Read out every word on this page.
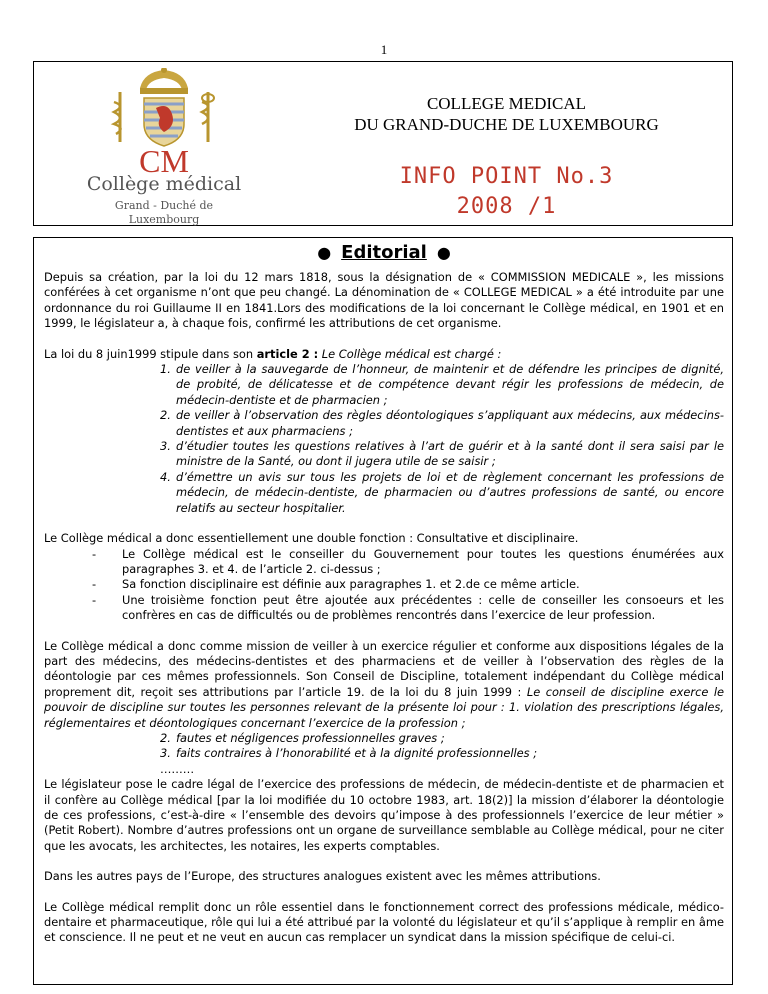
1
CM
Collège médical
Grand - Duché de
Luxembourg
COLLEGE MEDICAL
DU GRAND-DUCHE DE LUXEMBOURG
INFO POINT No.3
2008 /1
● Editorial ●

Depuis sa création, par la loi du 12 mars 1818, sous la désignation de « COMMISSION MEDICALE », les missions conférées à cet organisme n’ont que peu changé. La dénomination de « COLLEGE MEDICAL » a été introduite par une ordonnance du roi Guillaume II en 1841.Lors des modifications de la loi concernant le Collège médical, en 1901 et en 1999, le législateur a, à chaque fois, confirmé les attributions de cet organisme.

La loi du 8 juin1999 stipule dans son article 2 : Le Collège médical est chargé :

1. de veiller à la sauvegarde de l’honneur, de maintenir et de défendre les principes de dignité, de probité, de délicatesse et de compétence devant régir les professions de médecin, de médecin-dentiste et de pharmacien ;
2. de veiller à l’observation des règles déontologiques s’appliquant aux médecins, aux médecins-dentistes et aux pharmaciens ;
3. d’étudier toutes les questions relatives à l’art de guérir et à la santé dont il sera saisi par le ministre de la Santé, ou dont il jugera utile de se saisir ;
4. d’émettre un avis sur tous les projets de loi et de règlement concernant les professions de médecin, de médecin-dentiste, de pharmacien ou d’autres professions de santé, ou encore relatifs au secteur hospitalier.

Le Collège médical a donc essentiellement une double fonction : Consultative et disciplinaire.

- Le Collège médical est le conseiller du Gouvernement pour toutes les questions énumérées aux paragraphes 3. et 4. de l’article 2. ci-dessus ;
- Sa fonction disciplinaire est définie aux paragraphes 1. et 2.de ce même article.
- Une troisième fonction peut être ajoutée aux précédentes : celle de conseiller les consoeurs et les confrères en cas de difficultés ou de problèmes rencontrés dans l’exercice de leur profession.

Le Collège médical a donc comme mission de veiller à un exercice régulier et conforme aux dispositions légales de la part des médecins, des médecins-dentistes et des pharmaciens et de veiller à l’observation des règles de la déontologie par ces mêmes professionnels. Son Conseil de Discipline, totalement indépendant du Collège médical proprement dit, reçoit ses attributions par l’article 19. de la loi du 8 juin 1999 : Le conseil de discipline exerce le pouvoir de discipline sur toutes les personnes relevant de la présente loi pour : 1. violation des prescriptions légales, réglementaires et déontologiques concernant l’exercice de la profession ;

2. fautes et négligences professionnelles graves ;
3. faits contraires à l’honorabilité et à la dignité professionnelles ;
………

Le législateur pose le cadre légal de l’exercice des professions de médecin, de médecin-dentiste et de pharmacien et il confère au Collège médical [par la loi modifiée du 10 octobre 1983, art. 18(2)] la mission d’élaborer la déontologie de ces professions, c’est-à-dire « l’ensemble des devoirs qu’impose à des professionnels l’exercice de leur métier » (Petit Robert). Nombre d’autres professions ont un organe de surveillance semblable au Collège médical, pour ne citer que les avocats, les architectes, les notaires, les experts comptables.

Dans les autres pays de l’Europe, des structures analogues existent avec les mêmes attributions.

Le Collège médical remplit donc un rôle essentiel dans le fonctionnement correct des professions médicale, médico-dentaire et pharmaceutique, rôle qui lui a été attribué par la volonté du législateur et qu’il s’applique à remplir en âme et conscience. Il ne peut et ne veut en aucun cas remplacer un syndicat dans la mission spécifique de celui-ci.
